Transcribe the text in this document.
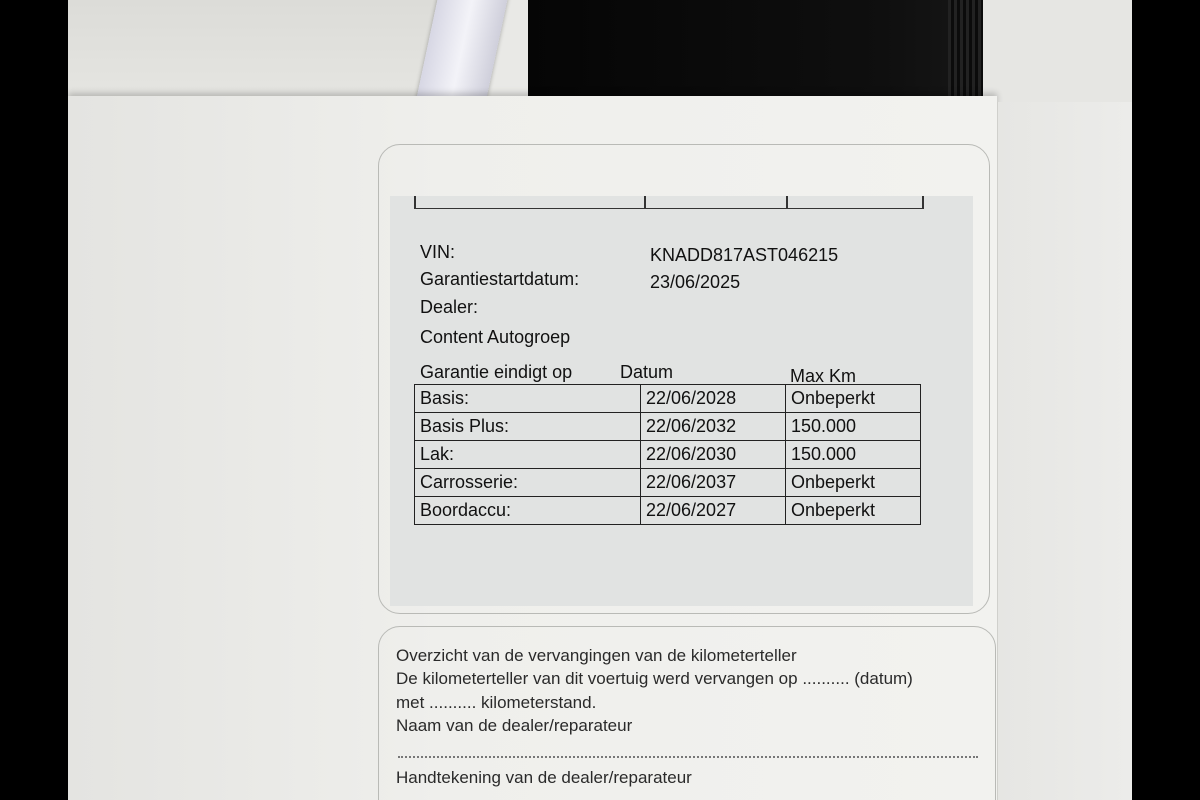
VIN:	KNADD817AST046215
Garantiestartdatum:	23/06/2025
Dealer:
Content Autogroep
Garantie eindigt op	Datum	Max Km
Basis:	22/06/2028	Onbeperkt
Basis Plus:	22/06/2032	150.000
Lak:	22/06/2030	150.000
Carrosserie:	22/06/2037	Onbeperkt
Boordaccu:	22/06/2027	Onbeperkt
Overzicht van de vervangingen van de kilometerteller
De kilometerteller van dit voertuig werd vervangen op .......... (datum)
met .......... kilometerstand.
Naam van de dealer/reparateur
Handtekening van de dealer/reparateur
